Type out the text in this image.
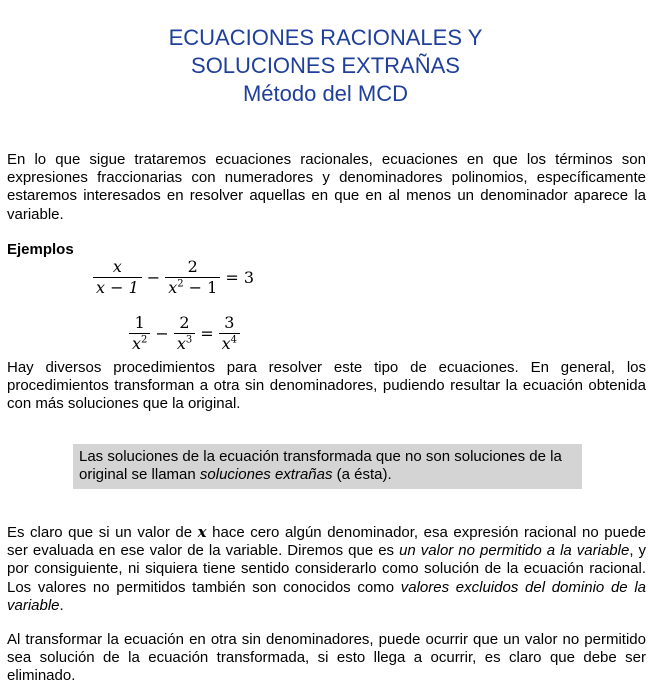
ECUACIONES RACIONALES Y
SOLUCIONES EXTRAÑAS
Método del MCD
En lo que sigue trataremos ecuaciones racionales, ecuaciones en que los términos son expresiones fraccionarias con numeradores y denominadores polinomios, específicamente estaremos interesados en resolver aquellas en que en al menos un denominador aparece la variable.
Ejemplos
$\frac{x}{x - 1} - \frac{2}{x^2 - 1} = 3$
$\frac{1}{x^2} - \frac{2}{x^3} = \frac{3}{x^4}$
Hay diversos procedimientos para resolver este tipo de ecuaciones. En general, los procedimientos transforman a otra sin denominadores, pudiendo resultar la ecuación obtenida con más soluciones que la original.
Las soluciones de la ecuación transformada que no son soluciones de la original se llaman soluciones extrañas (a ésta).
Es claro que si un valor de x hace cero algún denominador, esa expresión racional no puede ser evaluada en ese valor de la variable. Diremos que es un valor no permitido a la variable, y por consiguiente, ni siquiera tiene sentido considerarlo como solución de la ecuación racional. Los valores no permitidos también son conocidos como valores excluidos del dominio de la variable.
Al transformar la ecuación en otra sin denominadores, puede ocurrir que un valor no permitido sea solución de la ecuación transformada, si esto llega a ocurrir, es claro que debe ser eliminado.
